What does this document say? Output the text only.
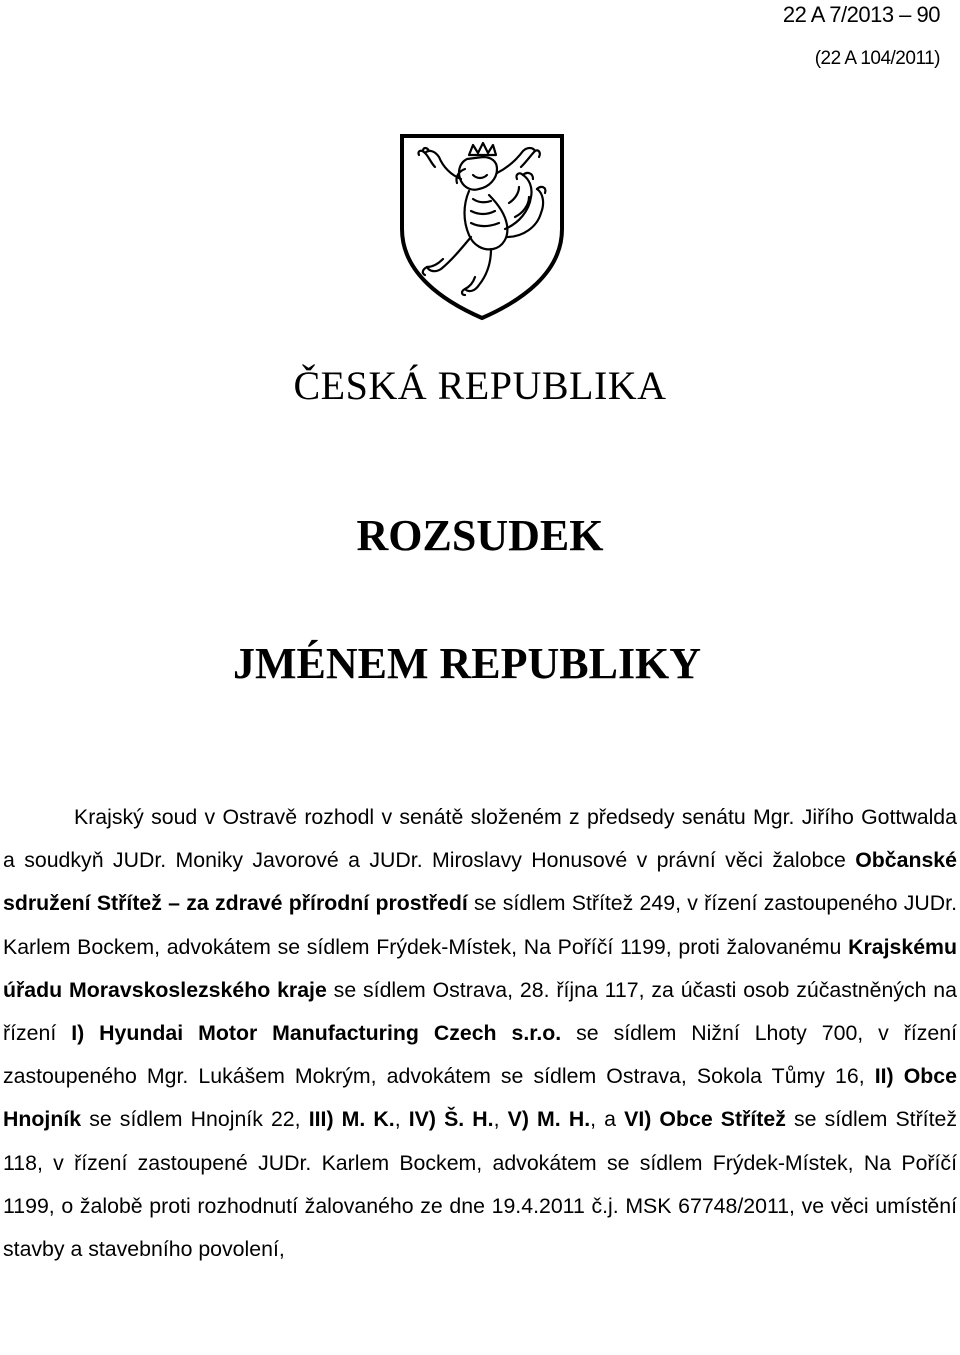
22 A 7/2013 – 90
(22 A 104/2011)
ČESKÁ REPUBLIKA
ROZSUDEK
JMÉNEM REPUBLIKY

Krajský soud v Ostravě rozhodl v senátě složeném z předsedy senátu Mgr. Jiřího Gottwalda a soudkyň JUDr. Moniky Javorové a JUDr. Miroslavy Honusové v právní věci žalobce Občanské sdružení Střítež – za zdravé přírodní prostředí se sídlem Střítež 249, v řízení zastoupeného JUDr. Karlem Bockem, advokátem se sídlem Frýdek-Místek, Na Poříčí 1199, proti žalovanému Krajskému úřadu Moravskoslezského kraje se sídlem Ostrava, 28. října 117, za účasti osob zúčastněných na řízení I) Hyundai Motor Manufacturing Czech s.r.o. se sídlem Nižní Lhoty 700, v řízení zastoupeného Mgr. Lukášem Mokrým, advokátem se sídlem Ostrava, Sokola Tůmy 16, II) Obce Hnojník se sídlem Hnojník 22, III) M. K., IV) Š. H., V) M. H., a VI) Obce Střítež se sídlem Střítež 118, v řízení zastoupené JUDr. Karlem Bockem, advokátem se sídlem Frýdek-Místek, Na Poříčí 1199, o žalobě proti rozhodnutí žalovaného ze dne 19.4.2011 č.j. MSK 67748/2011, ve věci umístění stavby a stavebního povolení,
